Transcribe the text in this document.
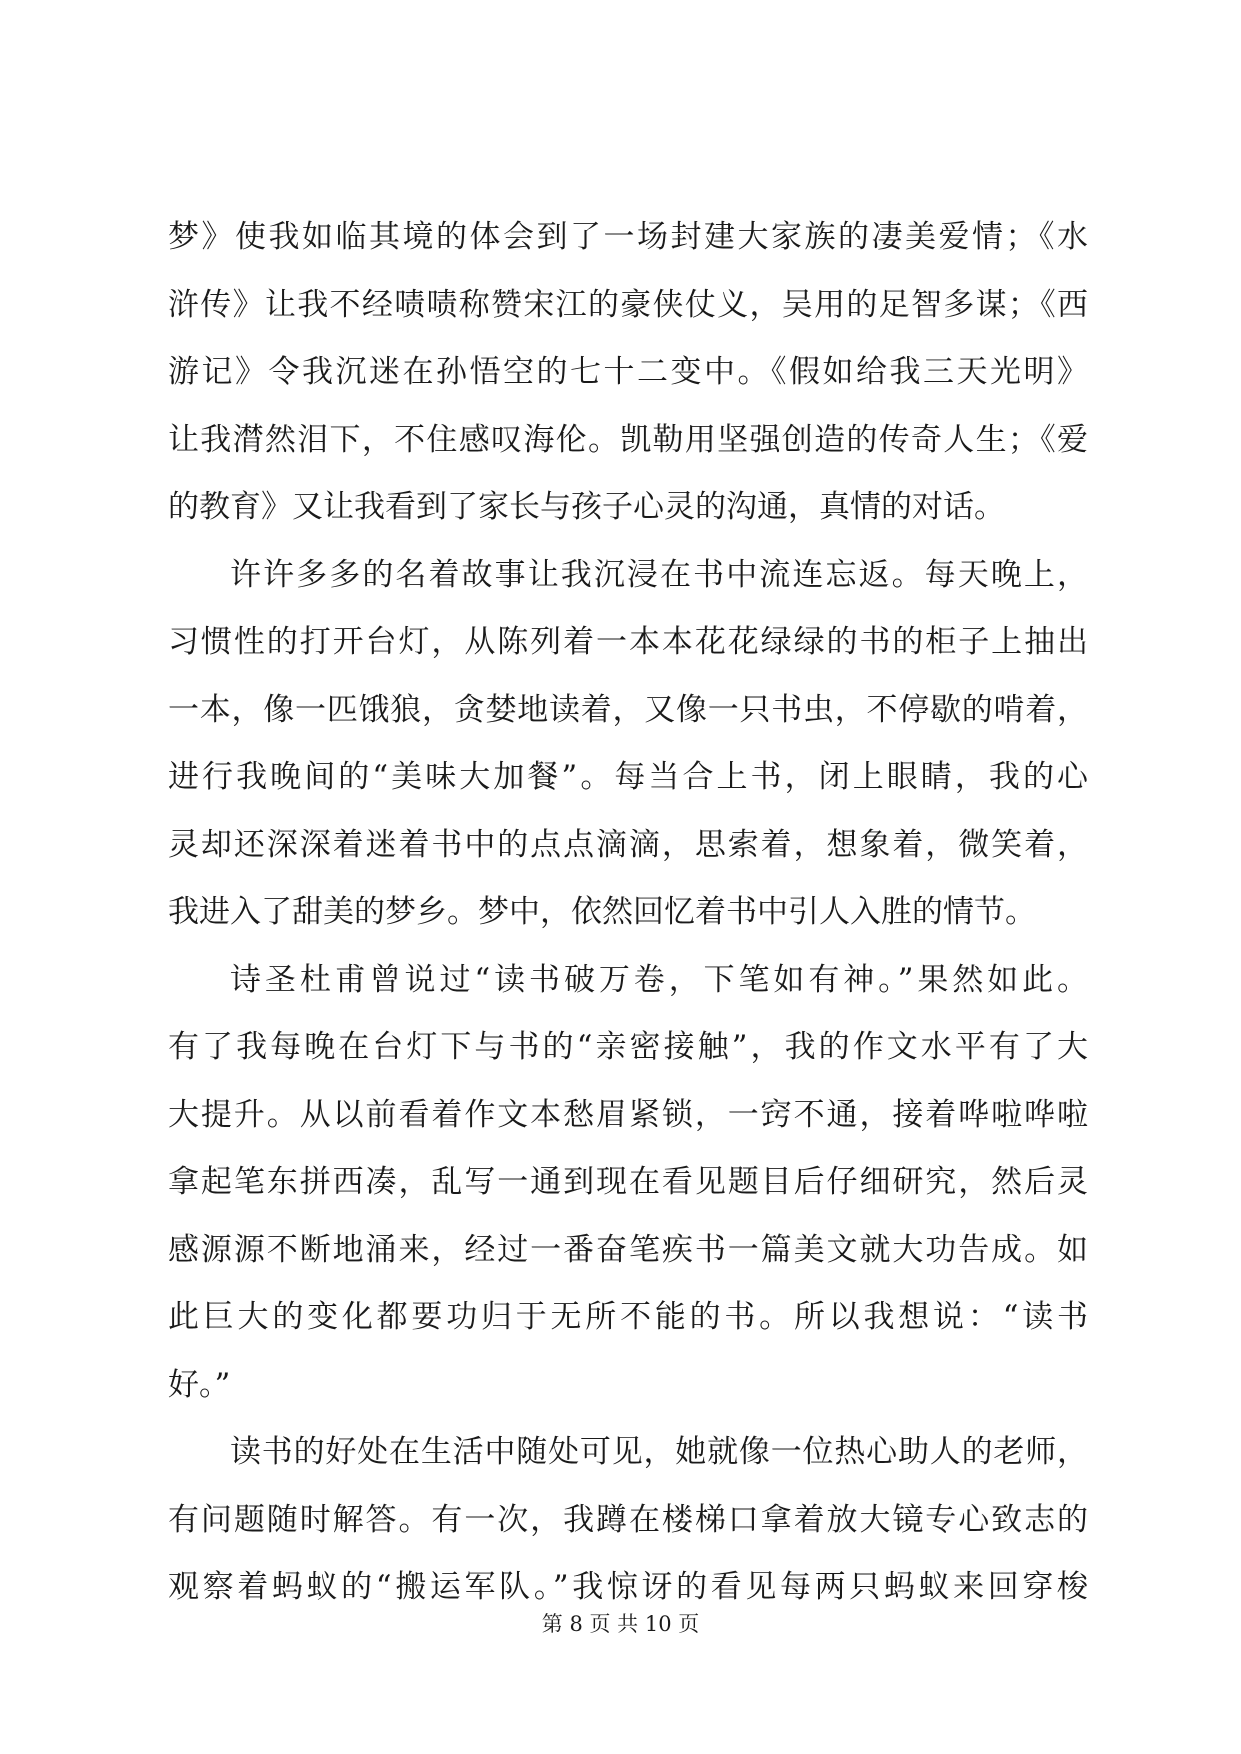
梦》使我如临其境的体会到了一场封建大家族的凄美爱情；《水
浒传》让我不经啧啧称赞宋江的豪侠仗义，吴用的足智多谋；《西
游记》令我沉迷在孙悟空的七十二变中。《假如给我三天光明》
让我潸然泪下，不住感叹海伦。凯勒用坚强创造的传奇人生；《爱
的教育》又让我看到了家长与孩子心灵的沟通，真情的对话。
许许多多的名着故事让我沉浸在书中流连忘返。每天晚上，
习惯性的打开台灯，从陈列着一本本花花绿绿的书的柜子上抽出
一本，像一匹饿狼，贪婪地读着，又像一只书虫，不停歇的啃着，
进行我晚间的“美味大加餐”。每当合上书，闭上眼睛，我的心
灵却还深深着迷着书中的点点滴滴，思索着，想象着，微笑着，
我进入了甜美的梦乡。梦中，依然回忆着书中引人入胜的情节。
诗圣杜甫曾说过“读书破万卷，下笔如有神。”果然如此。
有了我每晚在台灯下与书的“亲密接触”，我的作文水平有了大
大提升。从以前看着作文本愁眉紧锁，一窍不通，接着哗啦哗啦
拿起笔东拼西凑，乱写一通到现在看见题目后仔细研究，然后灵
感源源不断地涌来，经过一番奋笔疾书一篇美文就大功告成。如
此巨大的变化都要功归于无所不能的书。所以我想说：“读书
好。”
读书的好处在生活中随处可见，她就像一位热心助人的老师，
有问题随时解答。有一次，我蹲在楼梯口拿着放大镜专心致志的
观察着蚂蚁的“搬运军队。”我惊讶的看见每两只蚂蚁来回穿梭
第 8 页 共 10 页
